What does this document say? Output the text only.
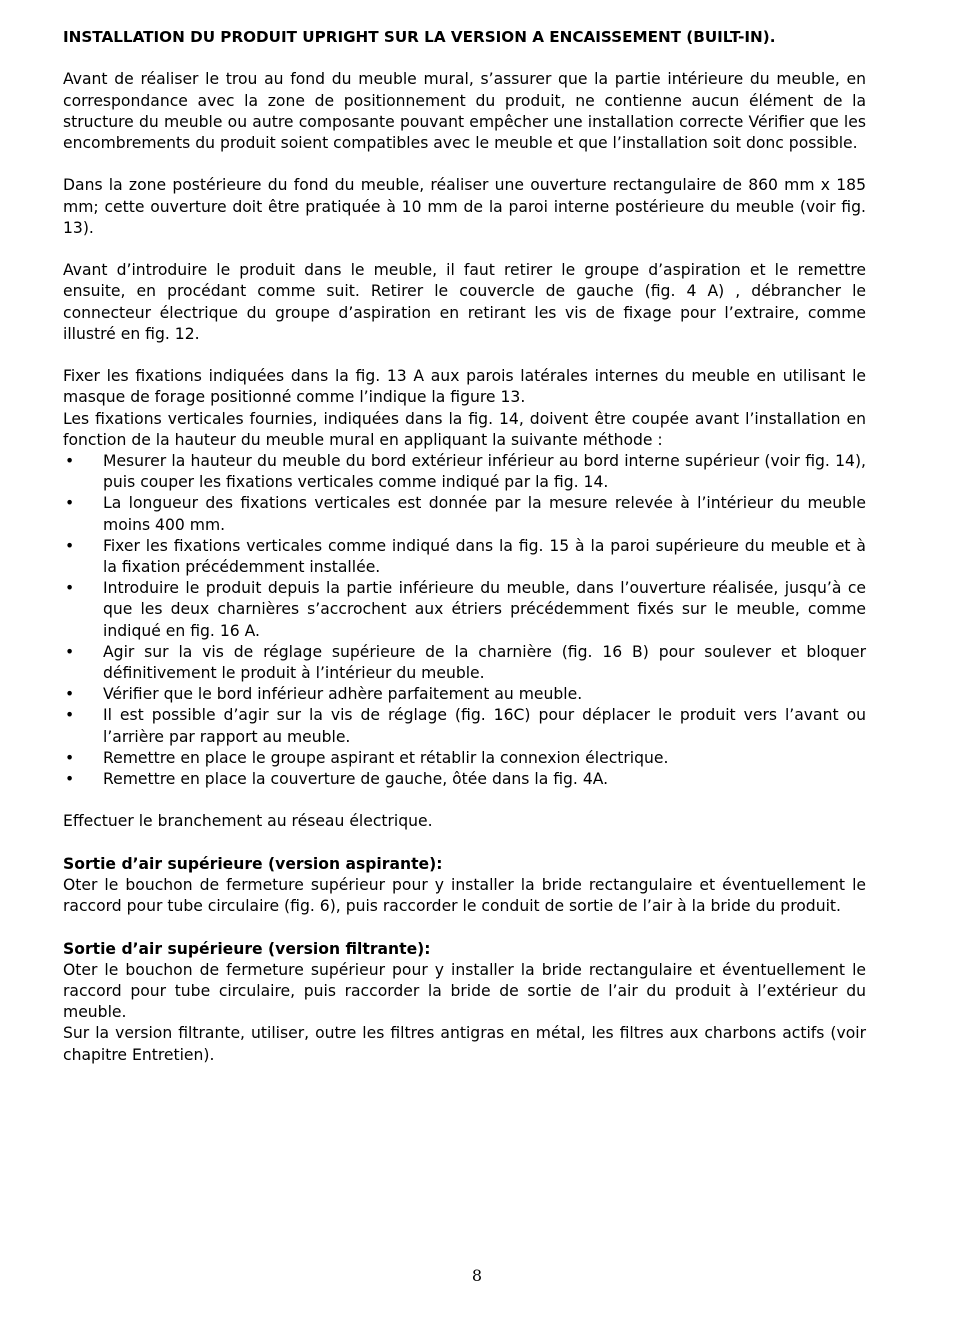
INSTALLATION DU PRODUIT UPRIGHT SUR LA VERSION A ENCAISSEMENT (BUILT-IN).

Avant de réaliser le trou au fond du meuble mural, s’assurer que la partie intérieure du meuble, en correspondance avec la zone de positionnement du produit, ne contienne aucun élément de la structure du meuble ou autre composante pouvant empêcher une installation correcte Vérifier que les encombrements du produit soient compatibles avec le meuble et que l’installation soit donc possible.

Dans la zone postérieure du fond du meuble, réaliser une ouverture rectangulaire de 860 mm x 185 mm; cette ouverture doit être pratiquée à 10 mm de la paroi interne postérieure du meuble (voir fig. 13).

Avant d’introduire le produit dans le meuble, il faut retirer le groupe d’aspiration et le remettre ensuite, en procédant comme suit. Retirer le couvercle de gauche (fig. 4 A) , débrancher le connecteur électrique du groupe d’aspiration en retirant les vis de fixage pour l’extraire, comme illustré en fig. 12.

Fixer les fixations indiquées dans la fig. 13 A aux parois latérales internes du meuble en utilisant le masque de forage positionné comme l’indique la figure 13.

Les fixations verticales fournies, indiquées dans la fig. 14, doivent être coupée avant l’installation en fonction de la hauteur du meuble mural en appliquant la suivante méthode :

• Mesurer la hauteur du meuble du bord extérieur inférieur au bord interne supérieur (voir fig. 14), puis couper les fixations verticales comme indiqué par la fig. 14.
• La longueur des fixations verticales est donnée par la mesure relevée à l’intérieur du meuble moins 400 mm.
• Fixer les fixations verticales comme indiqué dans la fig. 15 à la paroi supérieure du meuble et à la fixation précédemment installée.
• Introduire le produit depuis la partie inférieure du meuble, dans l’ouverture réalisée, jusqu’à ce que les deux charnières s’accrochent aux étriers précédemment fixés sur le meuble, comme indiqué en fig. 16 A.
• Agir sur la vis de réglage supérieure de la charnière (fig. 16 B) pour soulever et bloquer définitivement le produit à l’intérieur du meuble.
• Vérifier que le bord inférieur adhère parfaitement au meuble.
• Il est possible d’agir sur la vis de réglage (fig. 16C) pour déplacer le produit vers l’avant ou l’arrière par rapport au meuble.
• Remettre en place le groupe aspirant et rétablir la connexion électrique.
• Remettre en place la couverture de gauche, ôtée dans la fig. 4A.

Effectuer le branchement au réseau électrique.

Sortie d’air supérieure (version aspirante):

Oter le bouchon de fermeture supérieur pour y installer la bride rectangulaire et éventuellement le raccord pour tube circulaire (fig. 6), puis raccorder le conduit de sortie de l’air à la bride du produit.

Sortie d’air supérieure (version filtrante):

Oter le bouchon de fermeture supérieur pour y installer la bride rectangulaire et éventuellement le raccord pour tube circulaire, puis raccorder la bride de sortie de l’air du produit à l’extérieur du meuble.

Sur la version filtrante, utiliser, outre les filtres antigras en métal, les filtres aux charbons actifs (voir chapitre Entretien).

8
